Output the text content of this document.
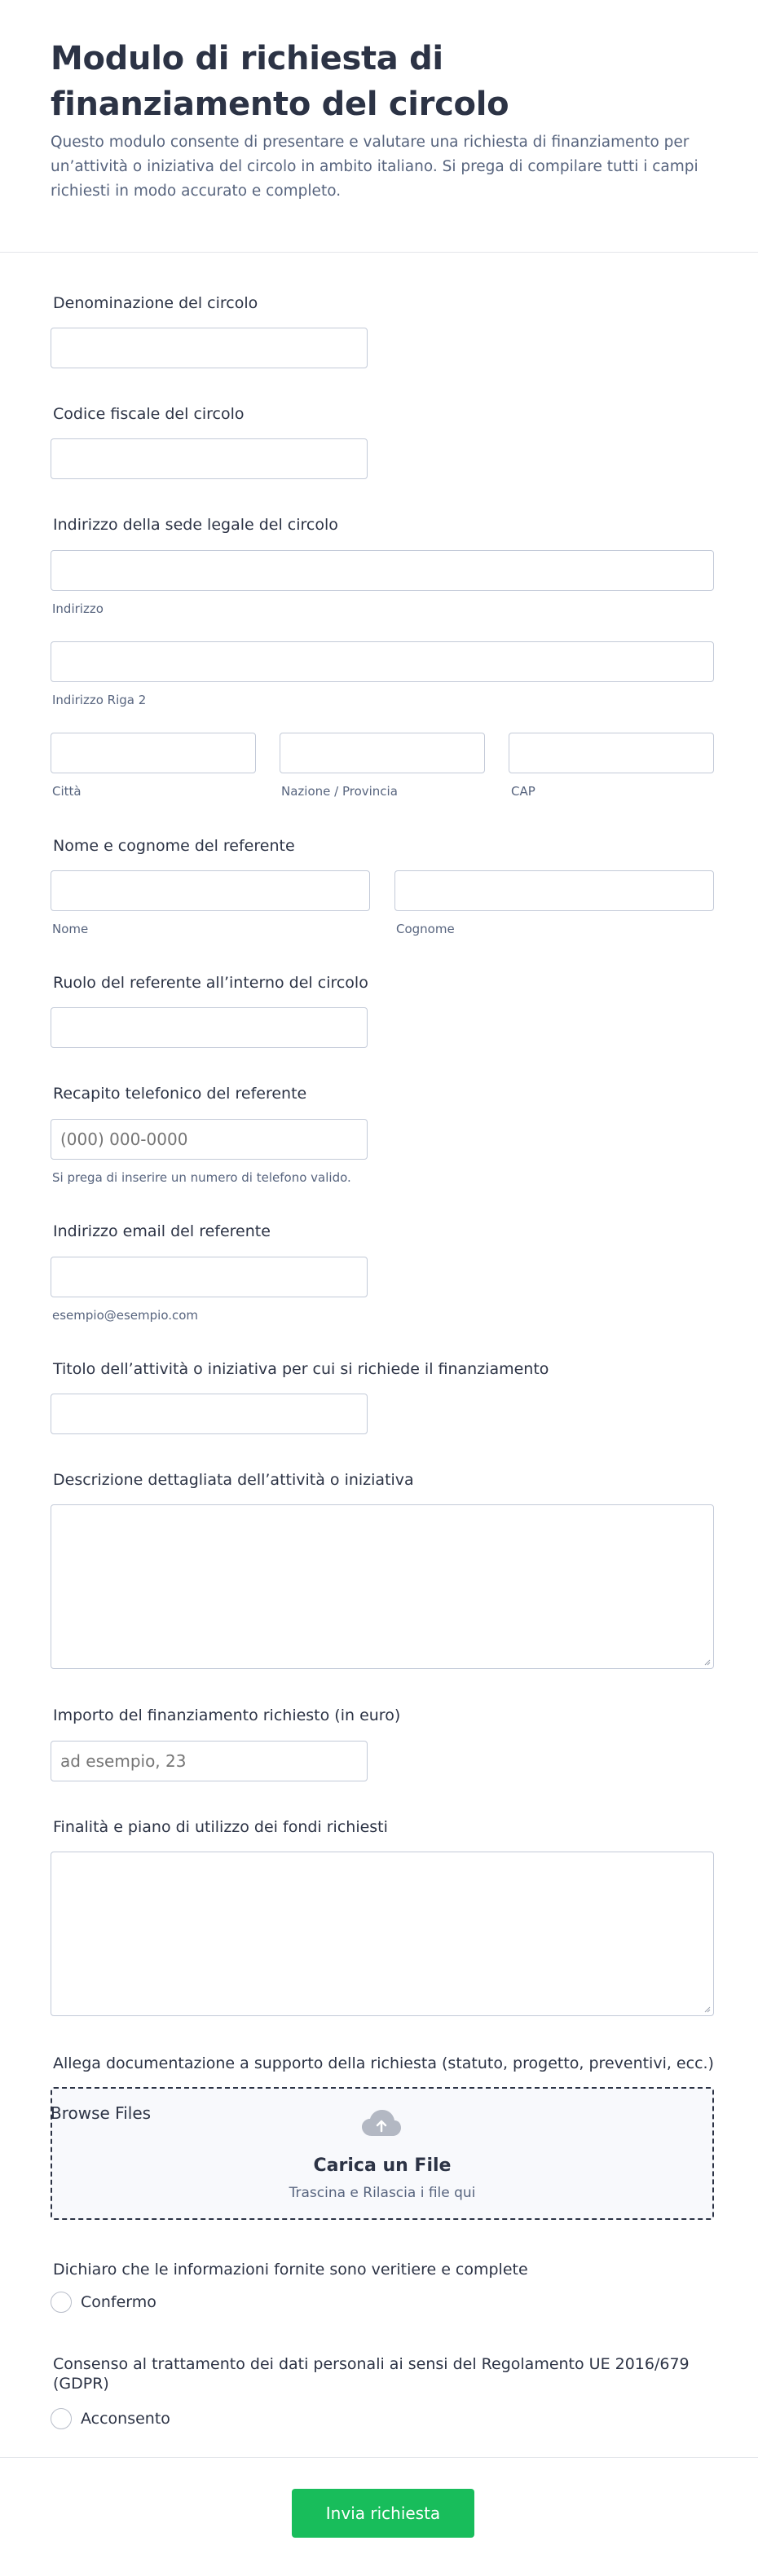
Modulo di richiesta di finanziamento del circolo

Questo modulo consente di presentare e valutare una richiesta di finanziamento per un’attività o iniziativa del circolo in ambito italiano. Si prega di compilare tutti i campi richiesti in modo accurato e completo.

Denominazione del circolo
Codice fiscale del circolo
Indirizzo della sede legale del circolo
Indirizzo
Indirizzo Riga 2
Città	Nazione / Provincia	CAP
Nome e cognome del referente
Nome	Cognome
Ruolo del referente all’interno del circolo
Recapito telefonico del referente
(000) 000-0000
Si prega di inserire un numero di telefono valido.
Indirizzo email del referente
esempio@esempio.com
Titolo dell’attività o iniziativa per cui si richiede il finanziamento
Descrizione dettagliata dell’attività o iniziativa
Importo del finanziamento richiesto (in euro)
ad esempio, 23
Finalità e piano di utilizzo dei fondi richiesti
Allega documentazione a supporto della richiesta (statuto, progetto, preventivi, ecc.)
Browse Files
Carica un File
Trascina e Rilascia i file qui
Dichiaro che le informazioni fornite sono veritiere e complete
Confermo
Consenso al trattamento dei dati personali ai sensi del Regolamento UE 2016/679
(GDPR)
Acconsento
Invia richiesta
